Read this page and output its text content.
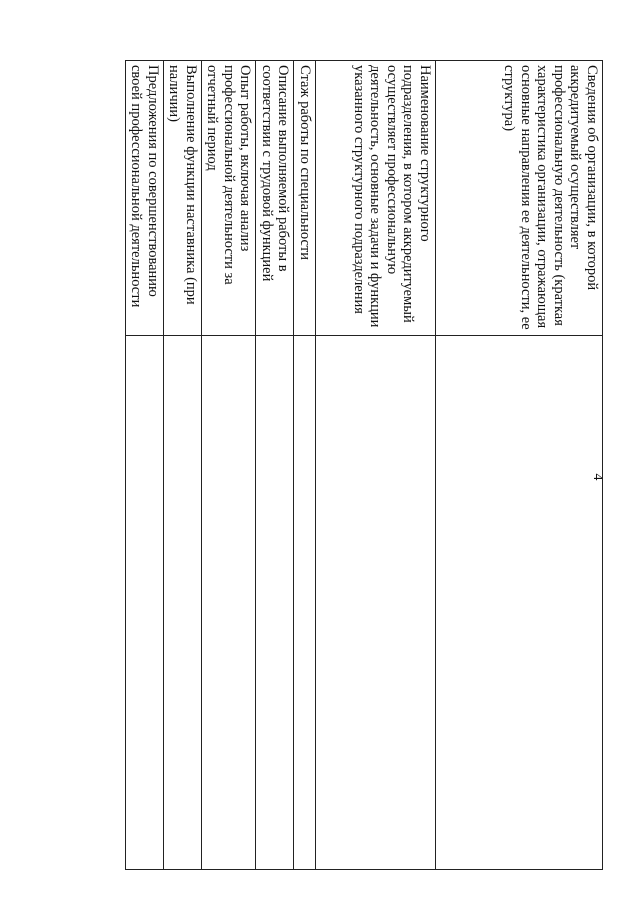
4
Сведения об организации, в которой аккредитуемый осуществляет профессиональную деятельность (краткая характеристика организации, отражающая основные направления ее деятельности, ее структура)	
Наименование структурного подразделения, в котором аккредитуемый осуществляет профессиональную деятельность, основные задачи и функции указанного структурного подразделения	
Стаж работы по специальности	
Описание выполняемой работы в соответствии с трудовой функцией	
Опыт работы, включая анализ профессиональной деятельности за отчетный период	
Выполнение функции наставника (при наличии)	
Предложения по совершенствованию своей профессиональной деятельности	
